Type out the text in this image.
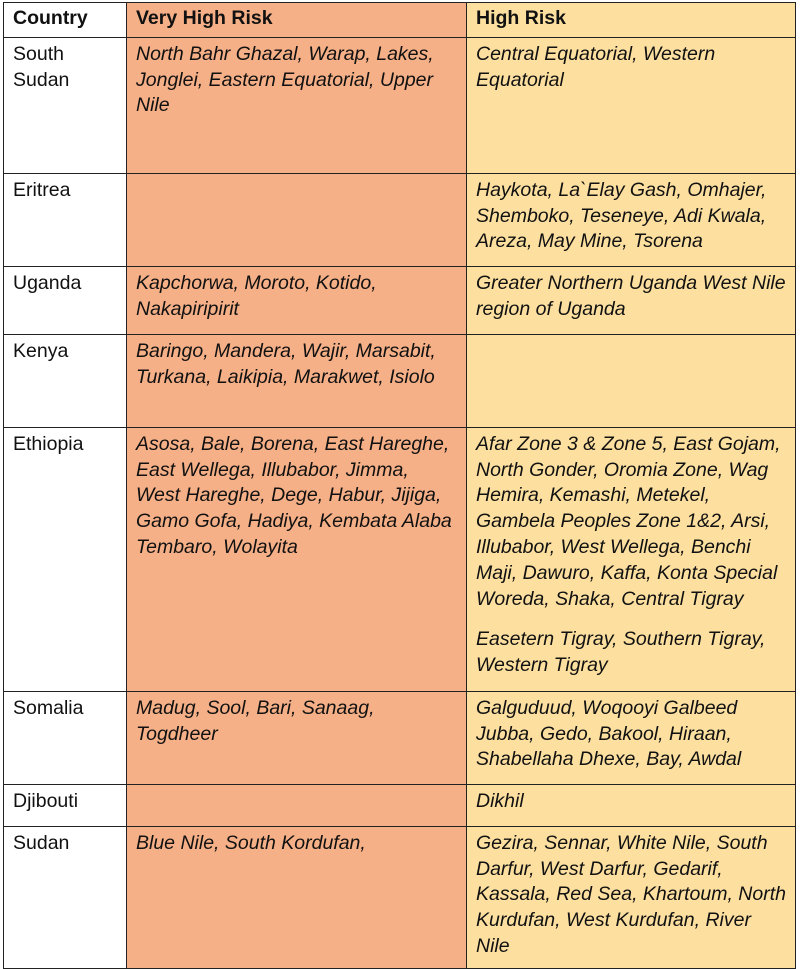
Country	Very High Risk	High Risk
South Sudan	North Bahr Ghazal, Warap, Lakes, Jonglei, Eastern Equatorial, Upper Nile	Central Equatorial, Western Equatorial

Eritrea		Haykota, La`Elay Gash, Omhajer, Shemboko, Teseneye, Adi Kwala, Areza, May Mine, Tsorena

Uganda	Kapchorwa, Moroto, Kotido, Nakapiripirit	Greater Northern Uganda West Nile region of Uganda

Kenya	Baringo, Mandera, Wajir, Marsabit, Turkana, Laikipia, Marakwet, Isiolo	

Ethiopia	Asosa, Bale, Borena, East Hareghe, East Wellega, Illubabor, Jimma, West Hareghe, Dege, Habur, Jijiga, Gamo Gofa, Hadiya, Kembata Alaba Tembaro, Wolayita	Afar Zone 3 & Zone 5, East Gojam, North Gonder, Oromia Zone, Wag Hemira, Kemashi, Metekel, Gambela Peoples Zone 1&2, Arsi, Illubabor, West Wellega, Benchi Maji, Dawuro, Kaffa, Konta Special Woreda, Shaka, Central Tigray
Easetern Tigray, Southern Tigray, Western Tigray

Somalia	Madug, Sool, Bari, Sanaag, Togdheer	Galguduud, Woqooyi Galbeed Jubba, Gedo, Bakool, Hiraan, Shabellaha Dhexe, Bay, Awdal

Djibouti		Dikhil

Sudan	Blue Nile, South Kordufan,	Gezira, Sennar, White Nile, South Darfur, West Darfur, Gedarif, Kassala, Red Sea, Khartoum, North Kurdufan, West Kurdufan, River Nile
